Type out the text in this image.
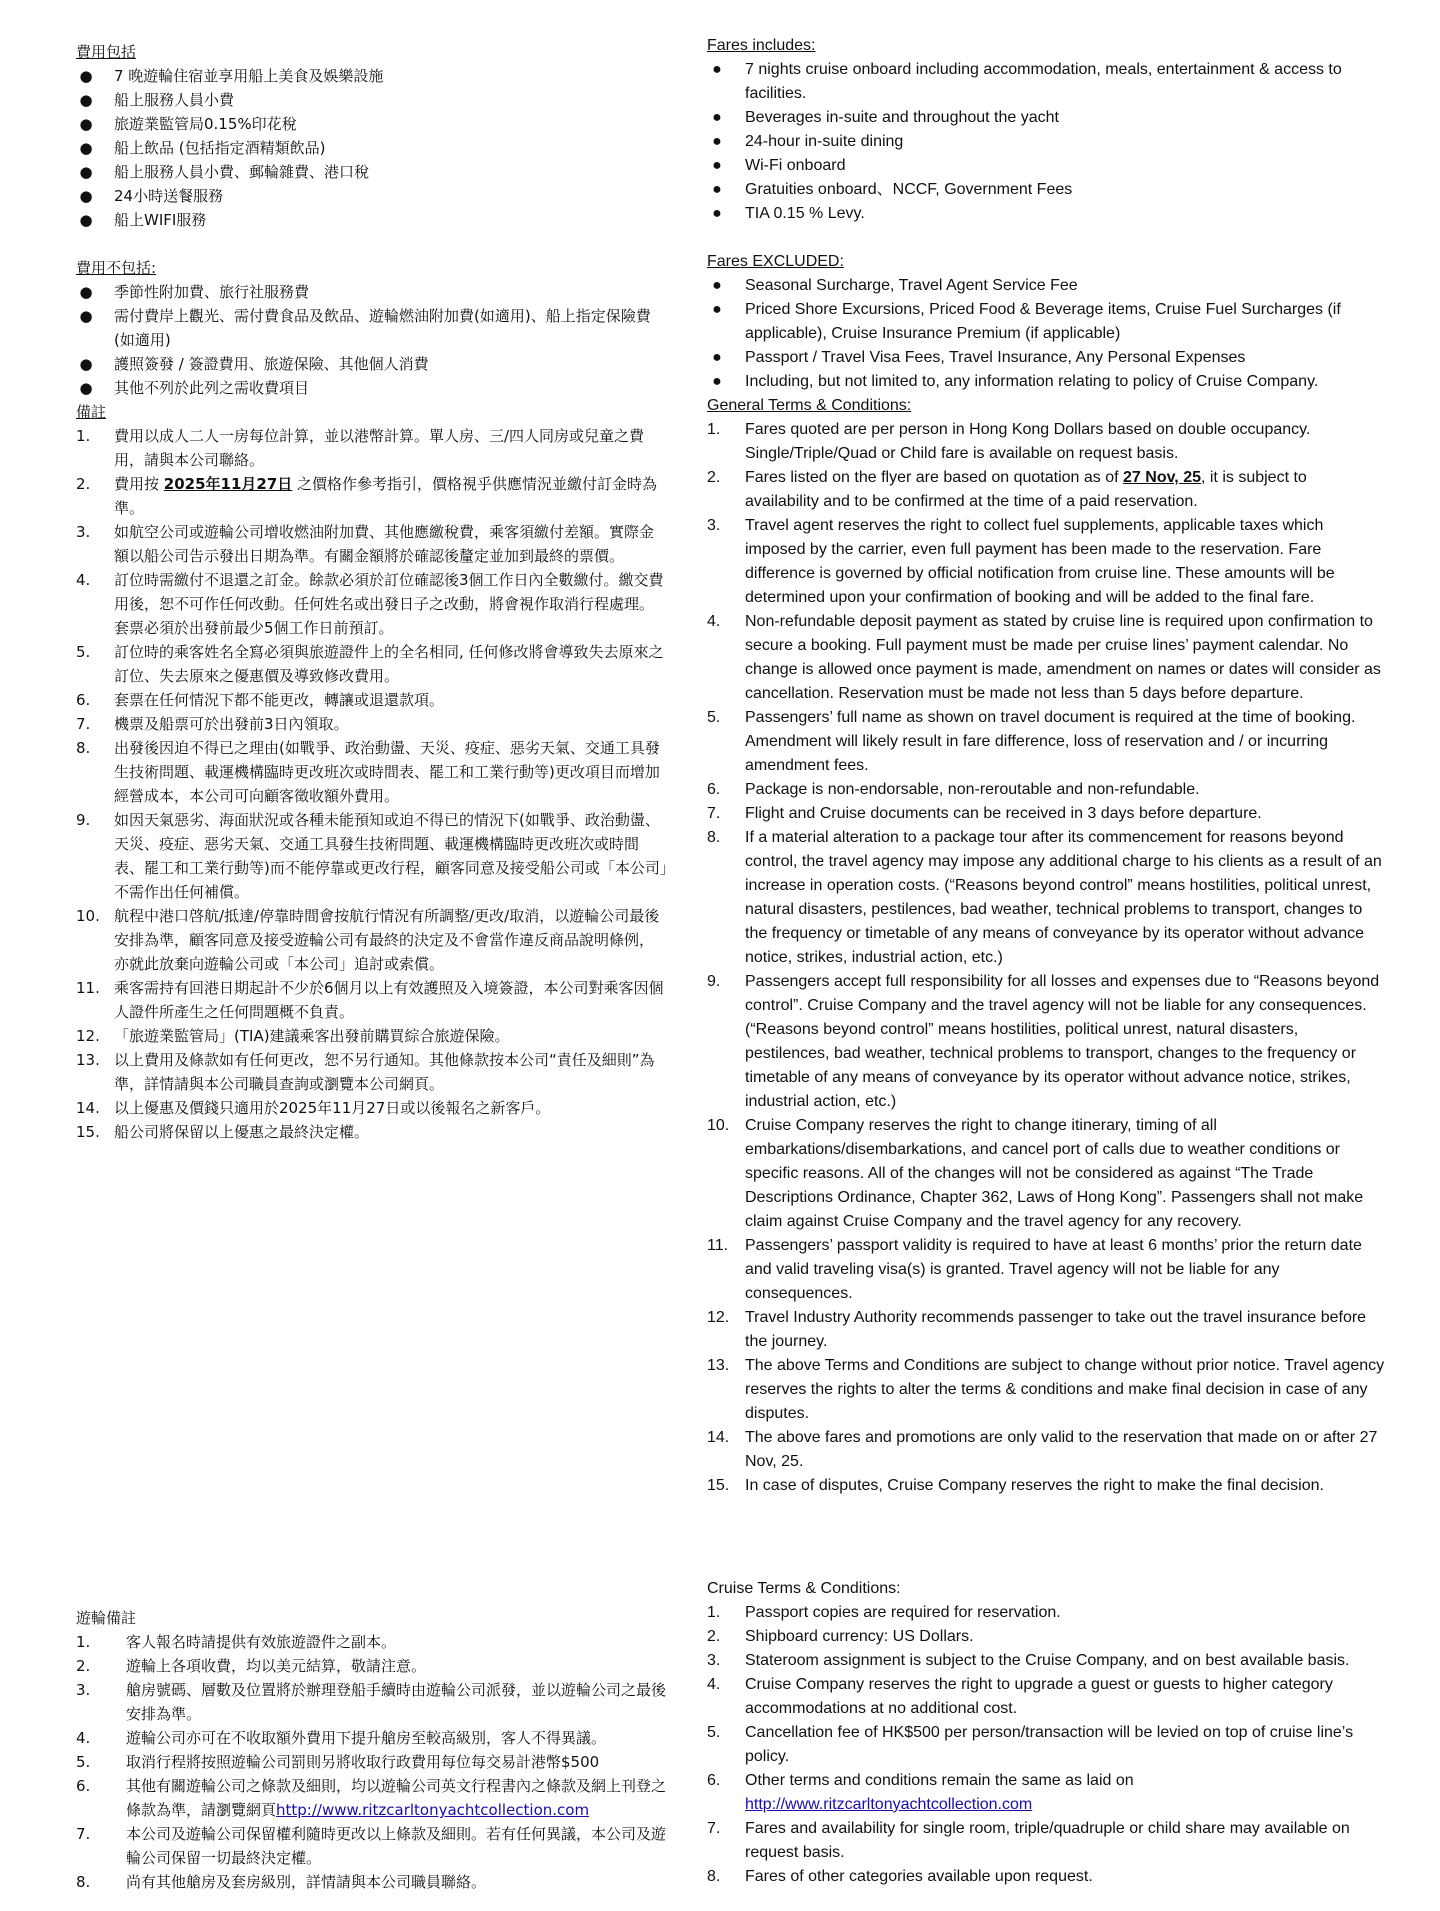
費用包括
● 7 晚遊輪住宿並享用船上美食及娛樂設施
● 船上服務人員小費
● 旅遊業監管局0.15%印花稅
● 船上飲品 (包括指定酒精類飲品)
● 船上服務人員小費、郵輪雜費、港口稅
● 24小時送餐服務
● 船上WIFI服務
費用不包括:
● 季節性附加費、旅行社服務費
● 需付費岸上觀光、需付費食品及飲品、遊輪燃油附加費(如適用)、船上指定保險費(如適用)
● 護照簽發 / 簽證費用、旅遊保險、其他個人消費
● 其他不列於此列之需收費項目
備註
1.	費用以成人二人一房每位計算，並以港幣計算。單人房、三/四人同房或兒童之費用，請與本公司聯絡。
2.	費用按 2025年11月27日 之價格作參考指引，價格視乎供應情況並繳付訂金時為準。
3.	如航空公司或遊輪公司增收燃油附加費、其他應繳稅費，乘客須繳付差額。實際金額以船公司告示發出日期為準。有關金額將於確認後釐定並加到最終的票價。
4.	訂位時需繳付不退還之訂金。餘款必須於訂位確認後3個工作日內全數繳付。繳交費用後，恕不可作任何改動。任何姓名或出發日子之改動，將會視作取消行程處理。套票必須於出發前最少5個工作日前預訂。
5.	訂位時的乘客姓名全寫必須與旅遊證件上的全名相同, 任何修改將會導致失去原來之訂位、失去原來之優惠價及導致修改費用。
6.	套票在任何情況下都不能更改，轉讓或退還款項。
7.	機票及船票可於出發前3日內領取。
8.	出發後因迫不得已之理由(如戰爭、政治動盪、天災、疫症、惡劣天氣、交通工具發生技術問題、載運機構臨時更改班次或時間表、罷工和工業行動等)更改項目而增加經營成本，本公司可向顧客徵收額外費用。
9.	如因天氣惡劣、海面狀況或各種未能預知或迫不得已的情況下(如戰爭、政治動盪、天災、疫症、惡劣天氣、交通工具發生技術問題、載運機構臨時更改班次或時間表、罷工和工業行動等)而不能停靠或更改行程，顧客同意及接受船公司或「本公司」不需作出任何補償。
10. 航程中港口啓航/抵達/停靠時間會按航行情況有所調整/更改/取消，以遊輪公司最後安排為準，顧客同意及接受遊輪公司有最終的決定及不會當作違反商品說明條例，亦就此放棄向遊輪公司或「本公司」追討或索償。
11. 乘客需持有回港日期起計不少於6個月以上有效護照及入境簽證，本公司對乘客因個人證件所產生之任何問題概不負責。
12. 「旅遊業監管局」(TIA)建議乘客出發前購買綜合旅遊保險。
13. 以上費用及條款如有任何更改，恕不另行通知。其他條款按本公司“責任及細則”為準，詳情請與本公司職員查詢或瀏覽本公司網頁。
14. 以上優惠及價錢只適用於2025年11月27日或以後報名之新客戶。
15. 船公司將保留以上優惠之最終決定權。
遊輪備註
1.	客人報名時請提供有效旅遊證件之副本。
2.	遊輪上各項收費，均以美元結算，敬請注意。
3.	艙房號碼、層數及位置將於辦理登船手續時由遊輪公司派發，並以遊輪公司之最後安排為準。
4.	遊輪公司亦可在不收取額外費用下提升艙房至較高級別，客人不得異議。
5.	取消行程將按照遊輪公司罰則另將收取行政費用每位每交易計港幣$500
6.	其他有關遊輪公司之條款及細則，均以遊輪公司英文行程書內之條款及網上刊登之條款為準，請瀏覽網頁http://www.ritzcarltonyachtcollection.com
7.	本公司及遊輪公司保留權利隨時更改以上條款及細則。若有任何異議，本公司及遊輪公司保留一切最終決定權。
8.	尚有其他艙房及套房級別，詳情請與本公司職員聯絡。
Fares includes:
●	7 nights cruise onboard including accommodation, meals, entertainment & access to facilities.
●	Beverages in-suite and throughout the yacht
●	24-hour in-suite dining
●	Wi-Fi onboard
●	Gratuities onboard、NCCF, Government Fees
●	TIA 0.15 % Levy.
Fares EXCLUDED:
●	Seasonal Surcharge, Travel Agent Service Fee
●	Priced Shore Excursions, Priced Food & Beverage items, Cruise Fuel Surcharges (if applicable), Cruise Insurance Premium (if applicable)
●	Passport / Travel Visa Fees, Travel Insurance, Any Personal Expenses
●	Including, but not limited to, any information relating to policy of Cruise Company.
General Terms & Conditions:
1.	Fares quoted are per person in Hong Kong Dollars based on double occupancy. Single/Triple/Quad or Child fare is available on request basis.
2.	Fares listed on the flyer are based on quotation as of 27 Nov, 25, it is subject to availability and to be confirmed at the time of a paid reservation.
3.	Travel agent reserves the right to collect fuel supplements, applicable taxes which imposed by the carrier, even full payment has been made to the reservation. Fare difference is governed by official notification from cruise line. These amounts will be determined upon your confirmation of booking and will be added to the final fare.
4.	Non-refundable deposit payment as stated by cruise line is required upon confirmation to secure a booking. Full payment must be made per cruise lines’ payment calendar. No change is allowed once payment is made, amendment on names or dates will consider as cancellation. Reservation must be made not less than 5 days before departure.
5.	Passengers’ full name as shown on travel document is required at the time of booking. Amendment will likely result in fare difference, loss of reservation and / or incurring amendment fees.
6.	Package is non-endorsable, non-reroutable and non-refundable.
7.	Flight and Cruise documents can be received in 3 days before departure.
8.	If a material alteration to a package tour after its commencement for reasons beyond control, the travel agency may impose any additional charge to his clients as a result of an increase in operation costs. (“Reasons beyond control” means hostilities, political unrest, natural disasters, pestilences, bad weather, technical problems to transport, changes to the frequency or timetable of any means of conveyance by its operator without advance notice, strikes, industrial action, etc.)
9.	Passengers accept full responsibility for all losses and expenses due to “Reasons beyond control”. Cruise Company and the travel agency will not be liable for any consequences. (“Reasons beyond control” means hostilities, political unrest, natural disasters, pestilences, bad weather, technical problems to transport, changes to the frequency or timetable of any means of conveyance by its operator without advance notice, strikes, industrial action, etc.)
10. Cruise Company reserves the right to change itinerary, timing of all embarkations/disembarkations, and cancel port of calls due to weather conditions or specific reasons. All of the changes will not be considered as against “The Trade Descriptions Ordinance, Chapter 362, Laws of Hong Kong”. Passengers shall not make claim against Cruise Company and the travel agency for any recovery.
11.	Passengers’ passport validity is required to have at least 6 months’ prior the return date and valid traveling visa(s) is granted. Travel agency will not be liable for any consequences.
12. Travel Industry Authority recommends passenger to take out the travel insurance before the journey.
13. The above Terms and Conditions are subject to change without prior notice. Travel agency reserves the rights to alter the terms & conditions and make final decision in case of any disputes.
14. The above fares and promotions are only valid to the reservation that made on or after 27 Nov, 25.
15. In case of disputes, Cruise Company reserves the right to make the final decision.
Cruise Terms & Conditions:
1.	Passport copies are required for reservation.
2.	Shipboard currency: US Dollars.
3.	Stateroom assignment is subject to the Cruise Company, and on best available basis.
4.	Cruise Company reserves the right to upgrade a guest or guests to higher category accommodations at no additional cost.
5.	Cancellation fee of HK$500 per person/transaction will be levied on top of cruise line’s policy.
6.	Other terms and conditions remain the same as laid on http://www.ritzcarltonyachtcollection.com
7.	Fares and availability for single room, triple/quadruple or child share may available on request basis.
8.	Fares of other categories available upon request.
